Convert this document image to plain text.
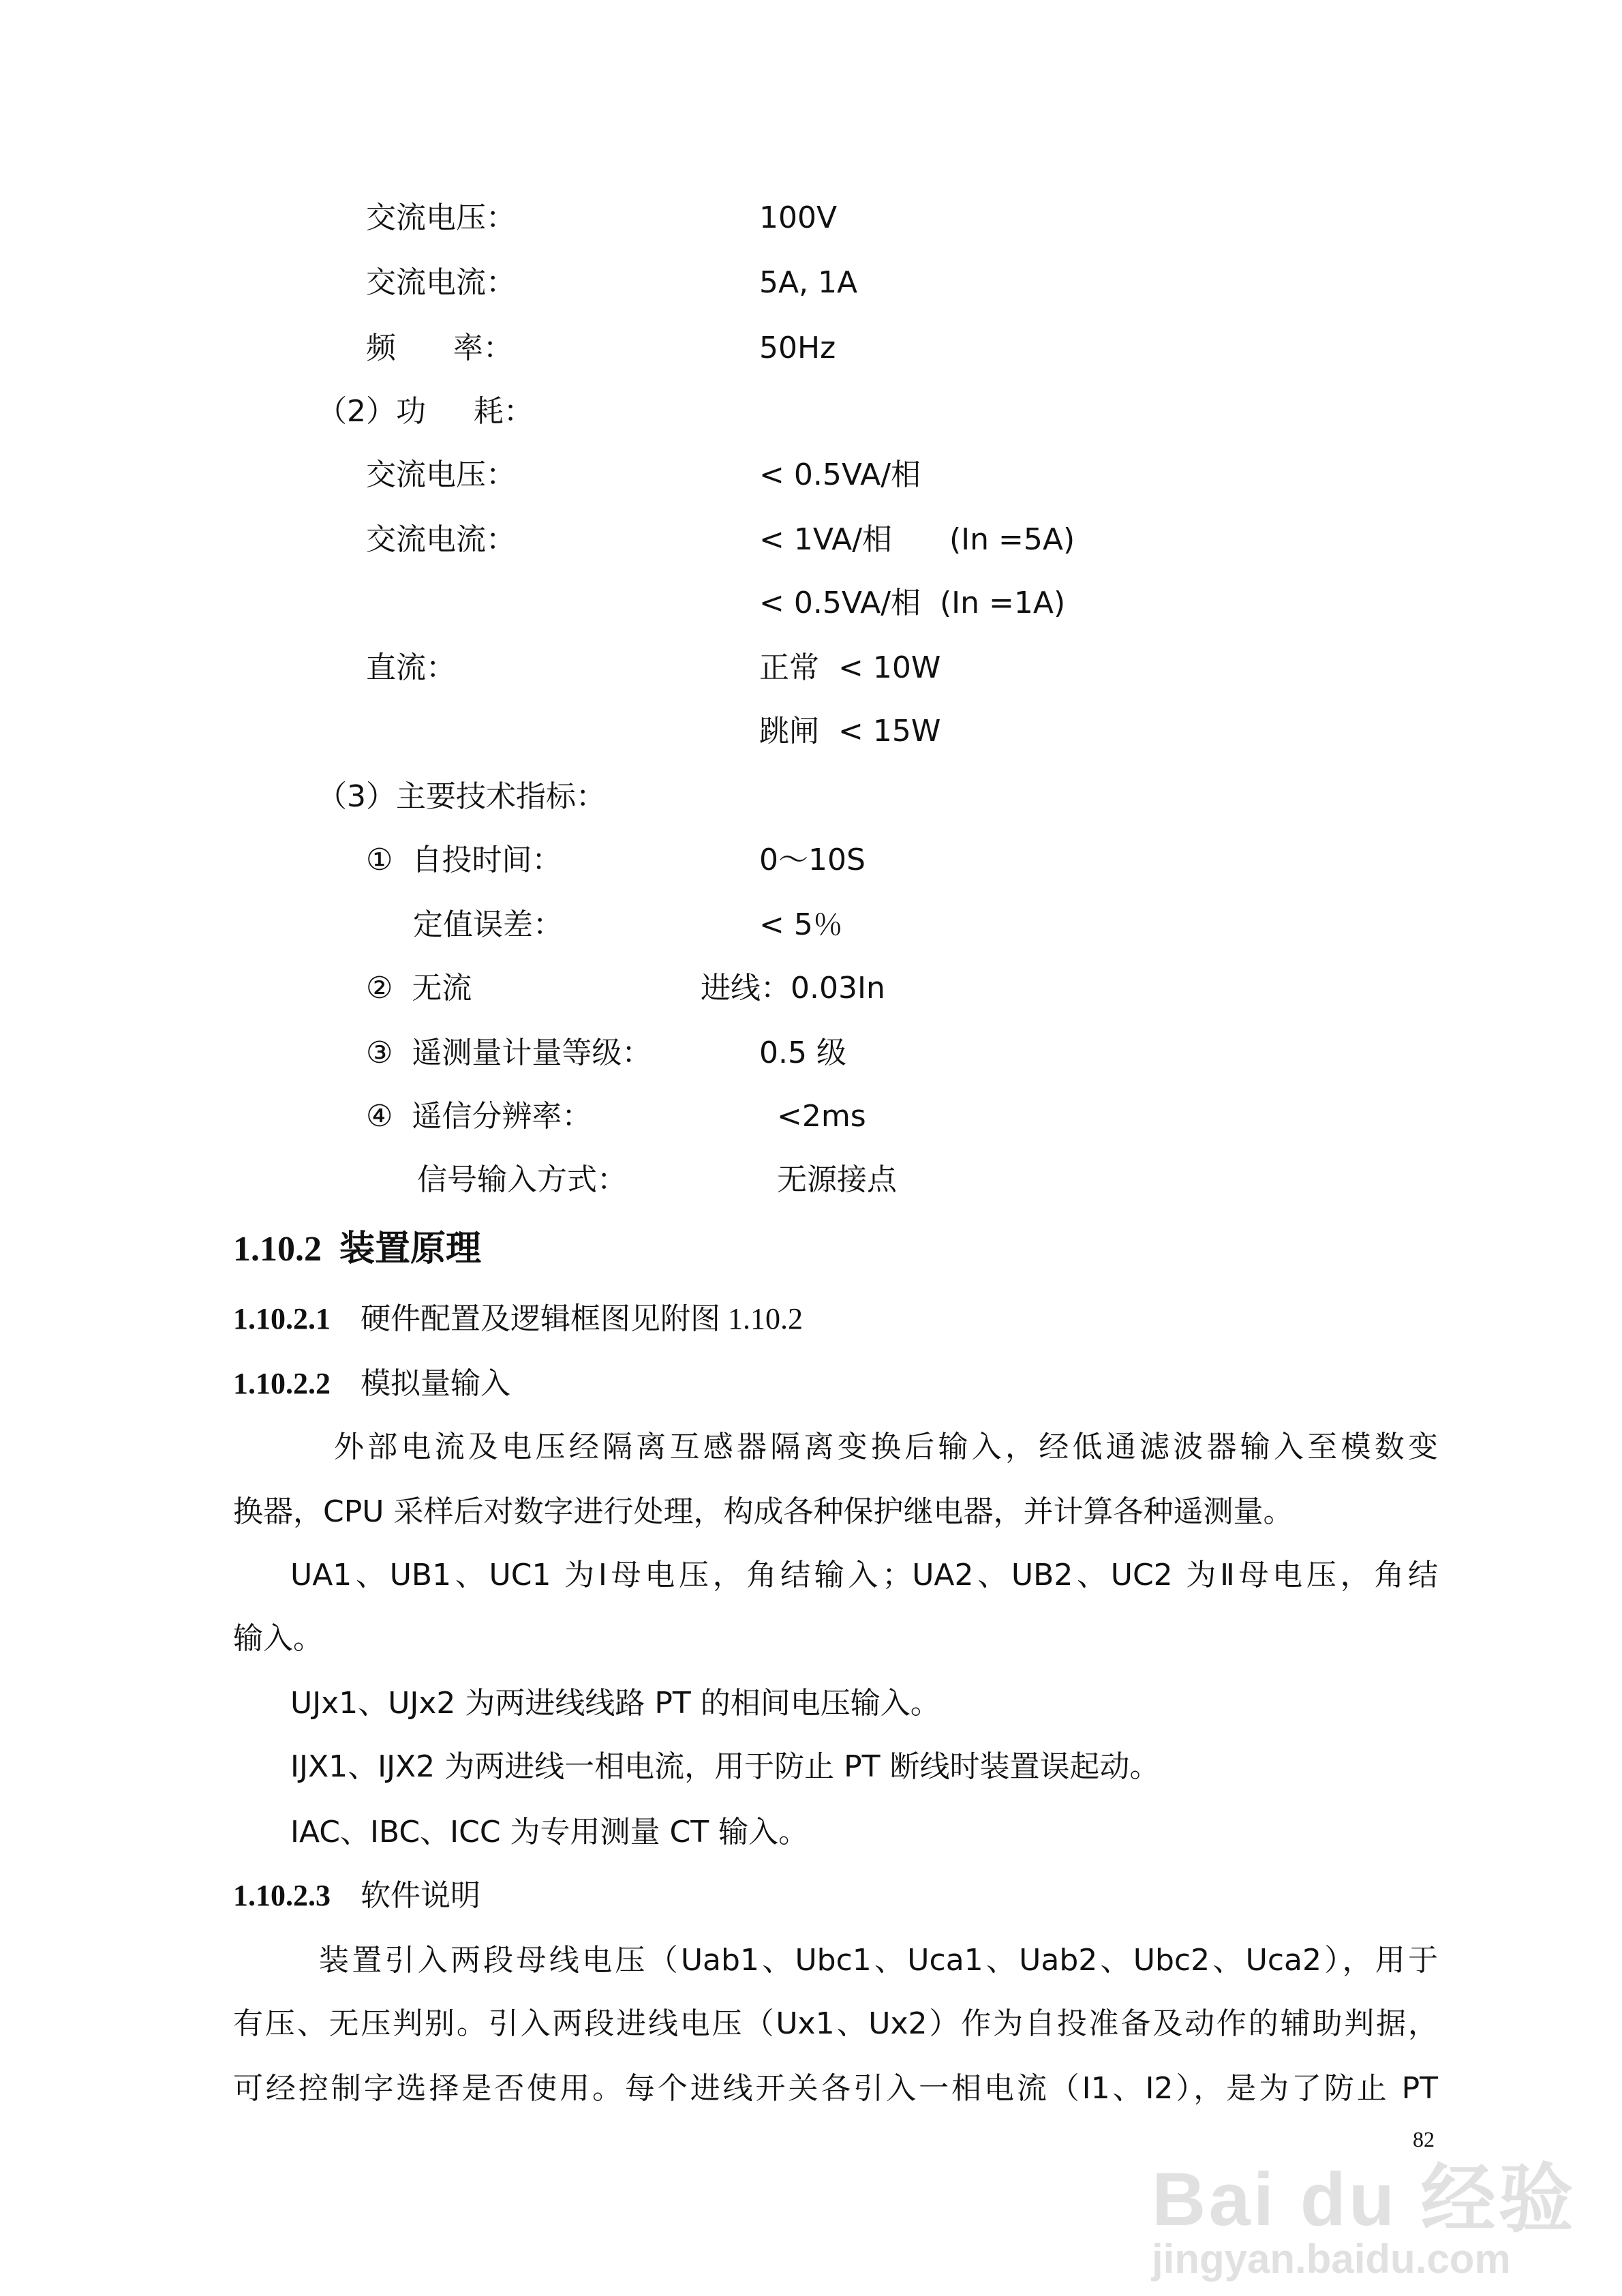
交流电压：	100V
交流电流：	5A, 1A
频      率：	50Hz
（2）功     耗：
交流电压：	< 0.5VA/相
交流电流：	< 1VA/相      (In =5A)
< 0.5VA/相  (In =1A)
直流：	正常  < 10W
跳闸  < 15W
（3）主要技术指标：
①  自投时间：	0～10S
定值误差：	< 5％
②  无流	进线：0.03In
③  遥测量计量等级：	0.5 级
④  遥信分辨率：	<2ms
信号输入方式：	无源接点
1.10.2 装置原理
1.10.2.1 硬件配置及逻辑框图见附图 1.10.2
1.10.2.2 模拟量输入
外部电流及电压经隔离互感器隔离变换后输入，经低通滤波器输入至模数变
换器，CPU 采样后对数字进行处理，构成各种保护继电器，并计算各种遥测量。
UA1、UB1、UC1 为Ⅰ母电压，角结输入；UA2、UB2、UC2 为Ⅱ母电压，角结
输入。
UJx1、UJx2 为两进线线路 PT 的相间电压输入。
IJX1、IJX2 为两进线一相电流，用于防止 PT 断线时装置误起动。
IAC、IBC、ICC 为专用测量 CT 输入。
1.10.2.3 软件说明
装置引入两段母线电压（Uab1、Ubc1、Uca1、Uab2、Ubc2、Uca2），用于
有压、无压判别。引入两段进线电压（Ux1、Ux2）作为自投准备及动作的辅助判据，
可经控制字选择是否使用。每个进线开关各引入一相电流（I1、I2），是为了防止 PT
82
Bai du 经验
jingyan.baidu.com
